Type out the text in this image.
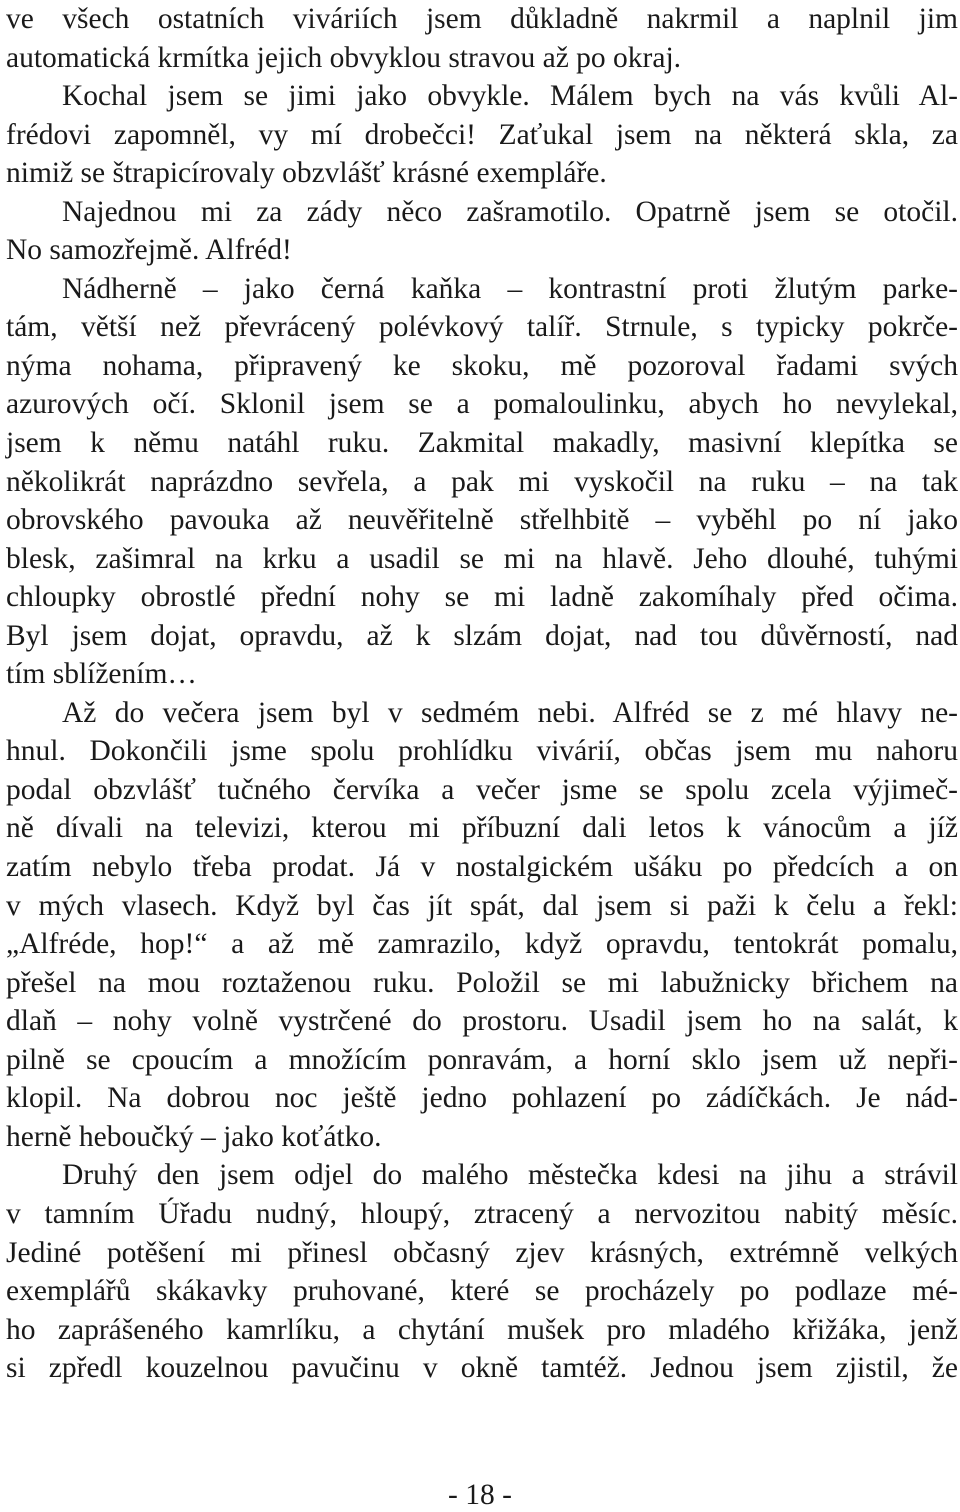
ve všech ostatních viváriích jsem důkladně nakrmil a naplnil jim
automatická krmítka jejich obvyklou stravou až po okraj.
Kochal jsem se jimi jako obvykle. Málem bych na vás kvůli Al-
frédovi zapomněl, vy mí drobečci! Zaťukal jsem na některá skla, za
nimiž se štrapicírovaly obzvlášť krásné exempláře.
Najednou mi za zády něco zašramotilo. Opatrně jsem se otočil.
No samozřejmě. Alfréd!
Nádherně – jako černá kaňka – kontrastní proti žlutým parke-
tám, větší než převrácený polévkový talíř. Strnule, s typicky pokrče-
nýma nohama, připravený ke skoku, mě pozoroval řadami svých
azurových očí. Sklonil jsem se a pomaloulinku, abych ho nevylekal,
jsem k němu natáhl ruku. Zakmital makadly, masivní klepítka se
několikrát naprázdno sevřela, a pak mi vyskočil na ruku – na tak
obrovského pavouka až neuvěřitelně střelhbitě – vyběhl po ní jako
blesk, zašimral na krku a usadil se mi na hlavě. Jeho dlouhé, tuhými
chloupky obrostlé přední nohy se mi ladně zakomíhaly před očima.
Byl jsem dojat, opravdu, až k slzám dojat, nad tou důvěrností, nad
tím sblížením…
Až do večera jsem byl v sedmém nebi. Alfréd se z mé hlavy ne-
hnul. Dokončili jsme spolu prohlídku vivárií, občas jsem mu nahoru
podal obzvlášť tučného červíka a večer jsme se spolu zcela výjimeč-
ně dívali na televizi, kterou mi příbuzní dali letos k vánocům a jíž
zatím nebylo třeba prodat. Já v nostalgickém ušáku po předcích a on
v mých vlasech. Když byl čas jít spát, dal jsem si paži k čelu a řekl:
„Alfréde, hop!“ a až mě zamrazilo, když opravdu, tentokrát pomalu,
přešel na mou roztaženou ruku. Položil se mi labužnicky břichem na
dlaň – nohy volně vystrčené do prostoru. Usadil jsem ho na salát, k
pilně se cpoucím a množícím ponravám, a horní sklo jsem už nepři-
klopil. Na dobrou noc ještě jedno pohlazení po zádíčkách. Je nád-
herně heboučký – jako koťátko.
Druhý den jsem odjel do malého městečka kdesi na jihu a strávil
v tamním Úřadu nudný, hloupý, ztracený a nervozitou nabitý měsíc.
Jediné potěšení mi přinesl občasný zjev krásných, extrémně velkých
exemplářů skákavky pruhované, které se procházely po podlaze mé-
ho zaprášeného kamrlíku, a chytání mušek pro mladého křižáka, jenž
si zpředl kouzelnou pavučinu v okně tamtéž. Jednou jsem zjistil, že
- 18 -
